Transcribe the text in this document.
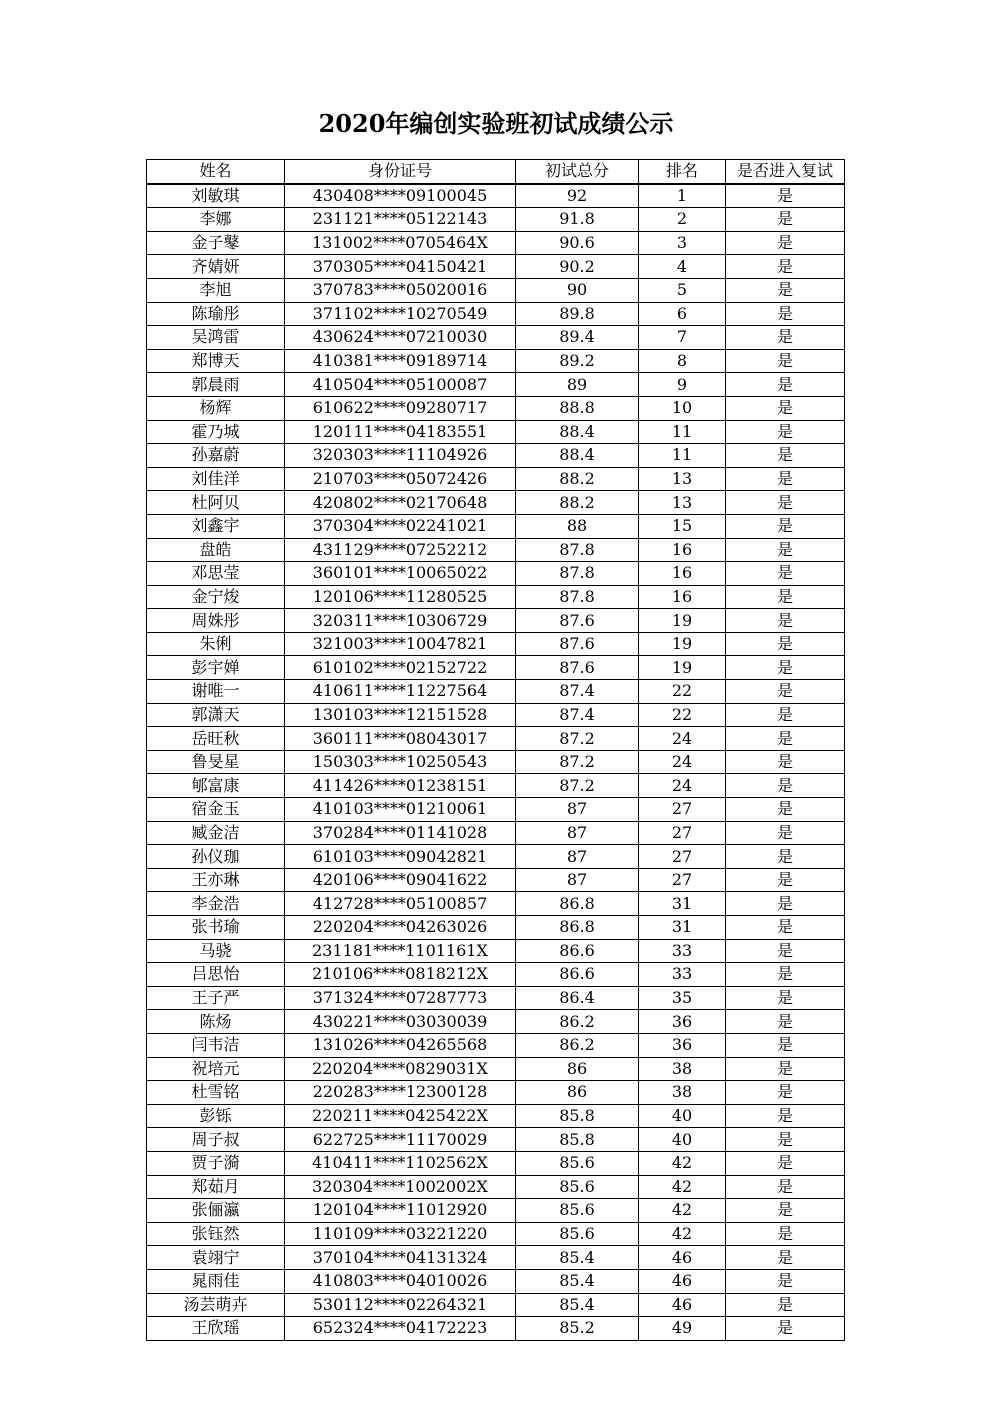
2020年编创实验班初试成绩公示
姓名	身份证号	初试总分	排名	是否进入复试
刘敏琪	430408****09100045	92	1	是
李娜	231121****05122143	91.8	2	是
金子鼕	131002****0705464X	90.6	3	是
齐婧妍	370305****04150421	90.2	4	是
李旭	370783****05020016	90	5	是
陈瑜彤	371102****10270549	89.8	6	是
吴鸿雷	430624****07210030	89.4	7	是
郑博天	410381****09189714	89.2	8	是
郭晨雨	410504****05100087	89	9	是
杨辉	610622****09280717	88.8	10	是
霍乃城	120111****04183551	88.4	11	是
孙嘉蔚	320303****11104926	88.4	11	是
刘佳洋	210703****05072426	88.2	13	是
杜阿贝	420802****02170648	88.2	13	是
刘鑫宇	370304****02241021	88	15	是
盘皓	431129****07252212	87.8	16	是
邓思莹	360101****10065022	87.8	16	是
金宁焌	120106****11280525	87.8	16	是
周姝彤	320311****10306729	87.6	19	是
朱俐	321003****10047821	87.6	19	是
彭宇婵	610102****02152722	87.6	19	是
谢唯一	410611****11227564	87.4	22	是
郭潇天	130103****12151528	87.4	22	是
岳旺秋	360111****08043017	87.2	24	是
鲁旻星	150303****10250543	87.2	24	是
郇富康	411426****01238151	87.2	24	是
宿金玉	410103****01210061	87	27	是
臧金洁	370284****01141028	87	27	是
孙仪珈	610103****09042821	87	27	是
王亦琳	420106****09041622	87	27	是
李金浩	412728****05100857	86.8	31	是
张书瑜	220204****04263026	86.8	31	是
马骁	231181****1101161X	86.6	33	是
吕思怡	210106****0818212X	86.6	33	是
王子严	371324****07287773	86.4	35	是
陈炀	430221****03030039	86.2	36	是
闫韦洁	131026****04265568	86.2	36	是
祝培元	220204****0829031X	86	38	是
杜雪铭	220283****12300128	86	38	是
彭铄	220211****0425422X	85.8	40	是
周子叔	622725****11170029	85.8	40	是
贾子漪	410411****1102562X	85.6	42	是
郑茹月	320304****1002002X	85.6	42	是
张俪瀛	120104****11012920	85.6	42	是
张钰然	110109****03221220	85.6	42	是
袁翊宁	370104****04131324	85.4	46	是
晁雨佳	410803****04010026	85.4	46	是
汤芸萌卉	530112****02264321	85.4	46	是
王欣瑶	652324****04172223	85.2	49	是
